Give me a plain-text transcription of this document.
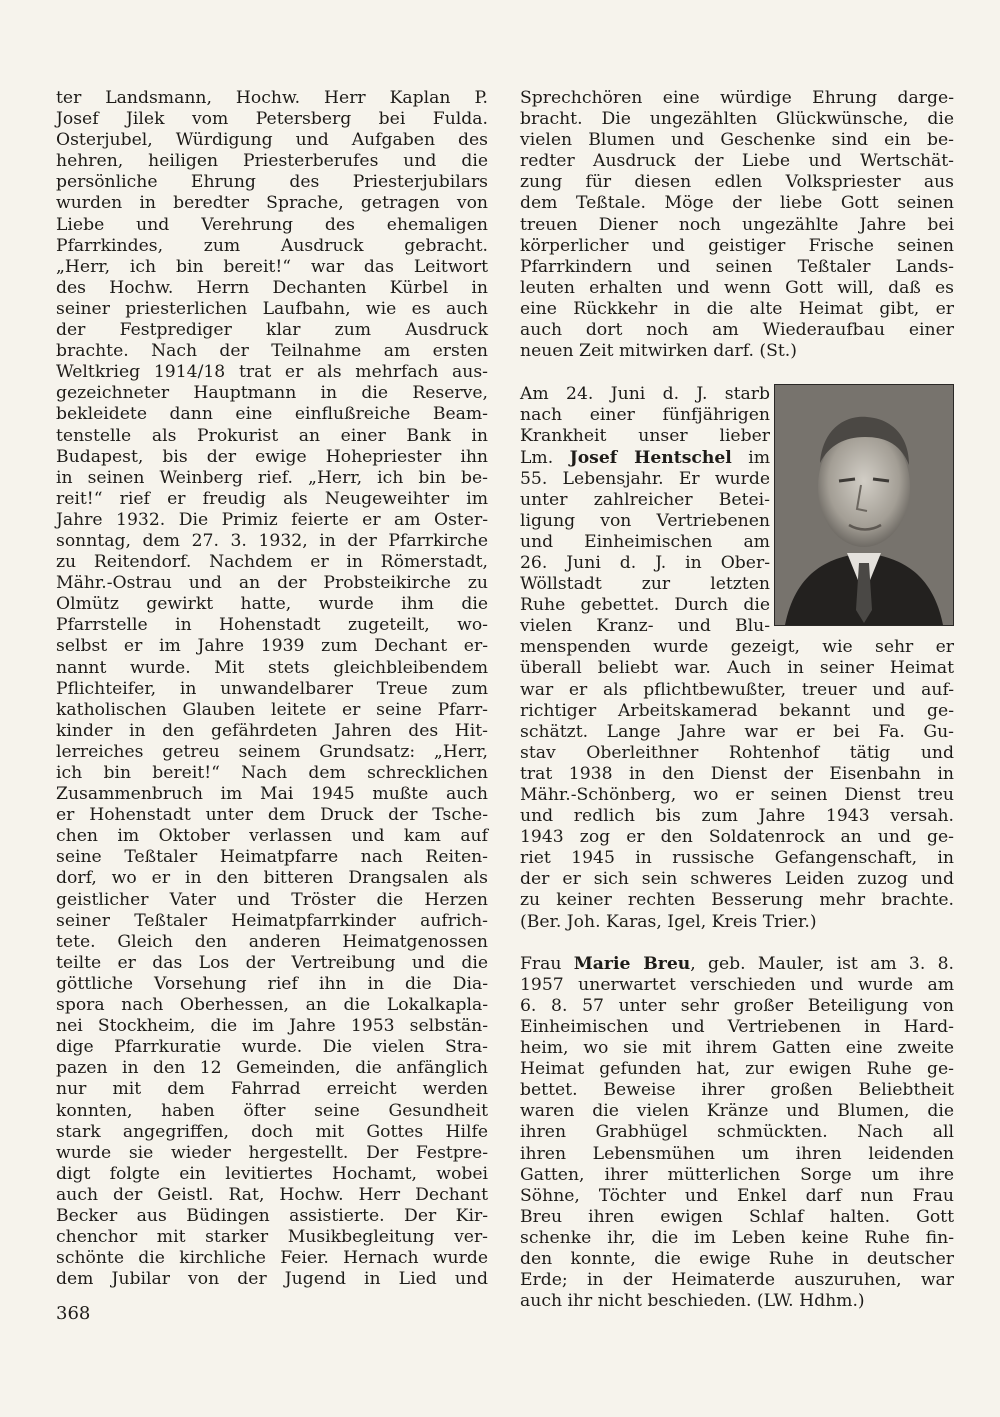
ter Landsmann, Hochw. Herr Kaplan P.
Josef Jilek vom Petersberg bei Fulda.
Osterjubel, Würdigung und Aufgaben des
hehren, heiligen Priesterberufes und die
persönliche Ehrung des Priesterjubilars
wurden in beredter Sprache, getragen von
Liebe und Verehrung des ehemaligen
Pfarrkindes, zum Ausdruck gebracht.
„Herr, ich bin bereit!“ war das Leitwort
des Hochw. Herrn Dechanten Kürbel in
seiner priesterlichen Laufbahn, wie es auch
der Festprediger klar zum Ausdruck
brachte. Nach der Teilnahme am ersten
Weltkrieg 1914/18 trat er als mehrfach aus-
gezeichneter Hauptmann in die Reserve,
bekleidete dann eine einflußreiche Beam-
tenstelle als Prokurist an einer Bank in
Budapest, bis der ewige Hohepriester ihn
in seinen Weinberg rief. „Herr, ich bin be-
reit!“ rief er freudig als Neugeweihter im
Jahre 1932. Die Primiz feierte er am Oster-
sonntag, dem 27. 3. 1932, in der Pfarrkirche
zu Reitendorf. Nachdem er in Römerstadt,
Mähr.-Ostrau und an der Probsteikirche zu
Olmütz gewirkt hatte, wurde ihm die
Pfarrstelle in Hohenstadt zugeteilt, wo-
selbst er im Jahre 1939 zum Dechant er-
nannt wurde. Mit stets gleichbleibendem
Pflichteifer, in unwandelbarer Treue zum
katholischen Glauben leitete er seine Pfarr-
kinder in den gefährdeten Jahren des Hit-
lerreiches getreu seinem Grundsatz: „Herr,
ich bin bereit!“ Nach dem schrecklichen
Zusammenbruch im Mai 1945 mußte auch
er Hohenstadt unter dem Druck der Tsche-
chen im Oktober verlassen und kam auf
seine Teßtaler Heimatpfarre nach Reiten-
dorf, wo er in den bitteren Drangsalen als
geistlicher Vater und Tröster die Herzen
seiner Teßtaler Heimatpfarrkinder aufrich-
tete. Gleich den anderen Heimatgenossen
teilte er das Los der Vertreibung und die
göttliche Vorsehung rief ihn in die Dia-
spora nach Oberhessen, an die Lokalkapla-
nei Stockheim, die im Jahre 1953 selbstän-
dige Pfarrkuratie wurde. Die vielen Stra-
pazen in den 12 Gemeinden, die anfänglich
nur mit dem Fahrrad erreicht werden
konnten, haben öfter seine Gesundheit
stark angegriffen, doch mit Gottes Hilfe
wurde sie wieder hergestellt. Der Festpre-
digt folgte ein levitiertes Hochamt, wobei
auch der Geistl. Rat, Hochw. Herr Dechant
Becker aus Büdingen assistierte. Der Kir-
chenchor mit starker Musikbegleitung ver-
schönte die kirchliche Feier. Hernach wurde
dem Jubilar von der Jugend in Lied und

Sprechchören eine würdige Ehrung darge-
bracht. Die ungezählten Glückwünsche, die
vielen Blumen und Geschenke sind ein be-
redter Ausdruck der Liebe und Wertschät-
zung für diesen edlen Volkspriester aus
dem Teßtale. Möge der liebe Gott seinen
treuen Diener noch ungezählte Jahre bei
körperlicher und geistiger Frische seinen
Pfarrkindern und seinen Teßtaler Lands-
leuten erhalten und wenn Gott will, daß es
eine Rückkehr in die alte Heimat gibt, er
auch dort noch am Wiederaufbau einer
neuen Zeit mitwirken darf. (St.)

Am 24. Juni d. J. starb
nach einer fünfjährigen
Krankheit unser lieber
Lm. Josef Hentschel im
55. Lebensjahr. Er wurde
unter zahlreicher Betei-
ligung von Vertriebenen
und Einheimischen am
26. Juni d. J. in Ober-
Wöllstadt zur letzten
Ruhe gebettet. Durch die
vielen Kranz- und Blu-
menspenden wurde gezeigt, wie sehr er
überall beliebt war. Auch in seiner Heimat
war er als pflichtbewußter, treuer und auf-
richtiger Arbeitskamerad bekannt und ge-
schätzt. Lange Jahre war er bei Fa. Gu-
stav Oberleithner Rohtenhof tätig und
trat 1938 in den Dienst der Eisenbahn in
Mähr.-Schönberg, wo er seinen Dienst treu
und redlich bis zum Jahre 1943 versah.
1943 zog er den Soldatenrock an und ge-
riet 1945 in russische Gefangenschaft, in
der er sich sein schweres Leiden zuzog und
zu keiner rechten Besserung mehr brachte.
(Ber. Joh. Karas, Igel, Kreis Trier.)
Frau Marie Breu, geb. Mauler, ist am 3. 8.
1957 unerwartet verschieden und wurde am
6. 8. 57 unter sehr großer Beteiligung von
Einheimischen und Vertriebenen in Hard-
heim, wo sie mit ihrem Gatten eine zweite
Heimat gefunden hat, zur ewigen Ruhe ge-
bettet. Beweise ihrer großen Beliebtheit
waren die vielen Kränze und Blumen, die
ihren Grabhügel schmückten. Nach all
ihren Lebensmühen um ihren leidenden
Gatten, ihrer mütterlichen Sorge um ihre
Söhne, Töchter und Enkel darf nun Frau
Breu ihren ewigen Schlaf halten. Gott
schenke ihr, die im Leben keine Ruhe fin-
den konnte, die ewige Ruhe in deutscher
Erde; in der Heimaterde auszuruhen, war
auch ihr nicht beschieden. (LW. Hdhm.)
368
